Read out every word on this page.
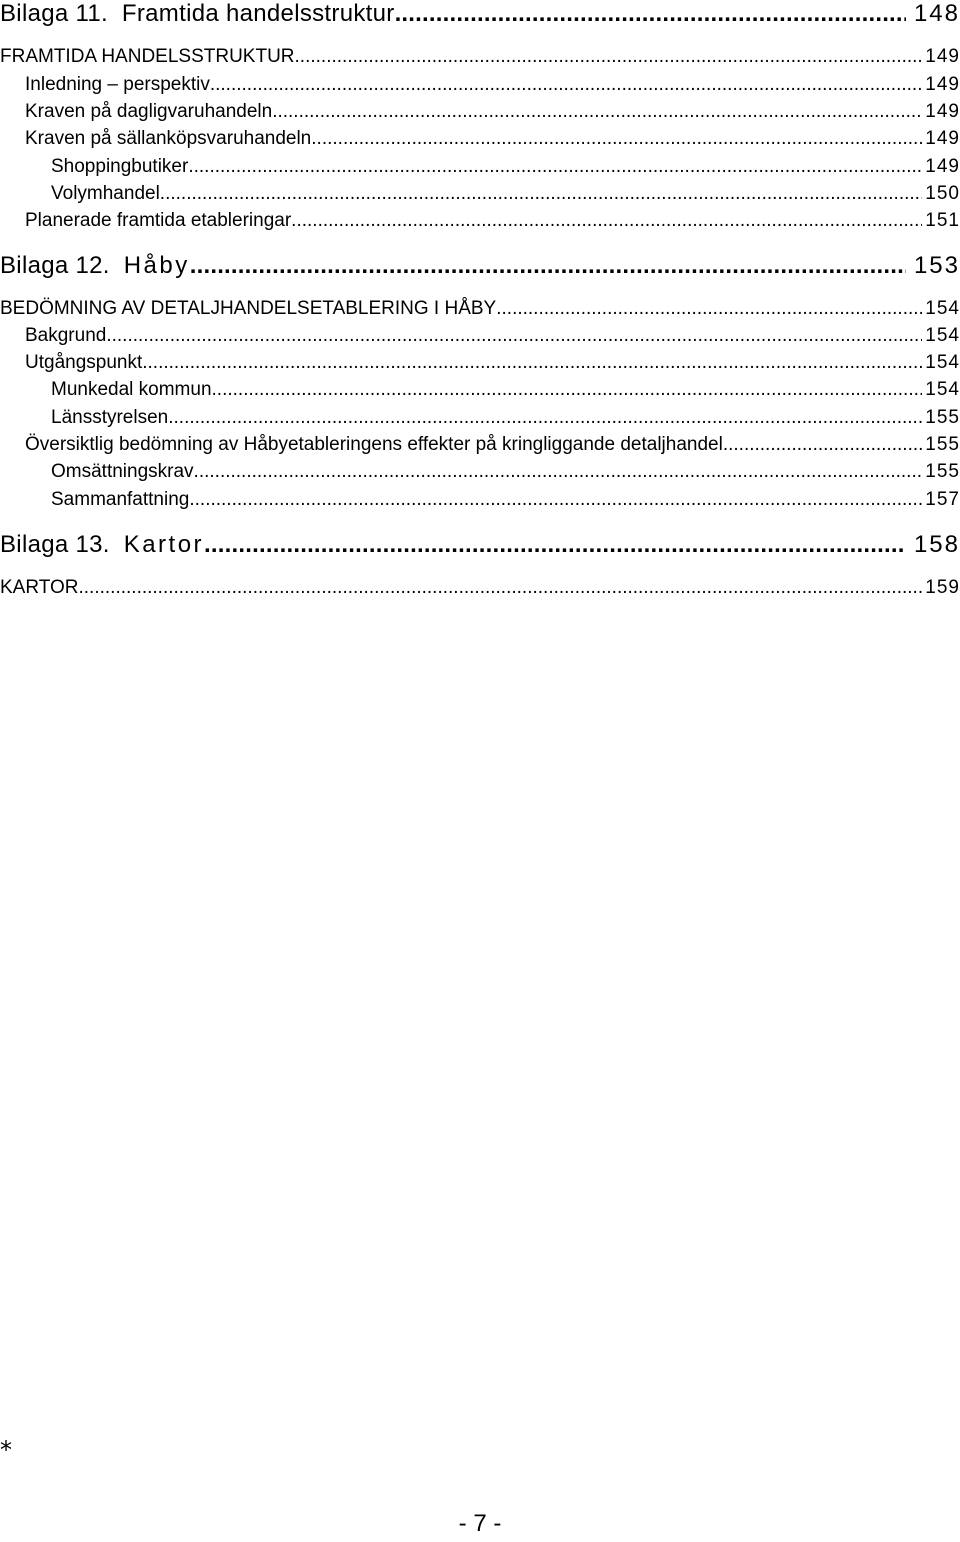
Bilaga 11. Framtida handelsstruktur .....	148
FRAMTIDA HANDELSSTRUKTUR .....	149
Inledning – perspektiv .....	149
Kraven på dagligvaruhandeln .....	149
Kraven på sällanköpsvaruhandeln .....	149
Shoppingbutiker .....	149
Volymhandel .....	150
Planerade framtida etableringar .....	151
Bilaga 12. Håby .....	153
BEDÖMNING AV DETALJHANDELSETABLERING I HÅBY .....	154
Bakgrund .....	154
Utgångspunkt .....	154
Munkedal kommun .....	154
Länsstyrelsen .....	155
Översiktlig bedömning av Håbyetableringens effekter på kringliggande detaljhandel .....	155
Omsättningskrav .....	155
Sammanfattning .....	157
Bilaga 13. Kartor .....	158
KARTOR .....	159
*
- 7 -
